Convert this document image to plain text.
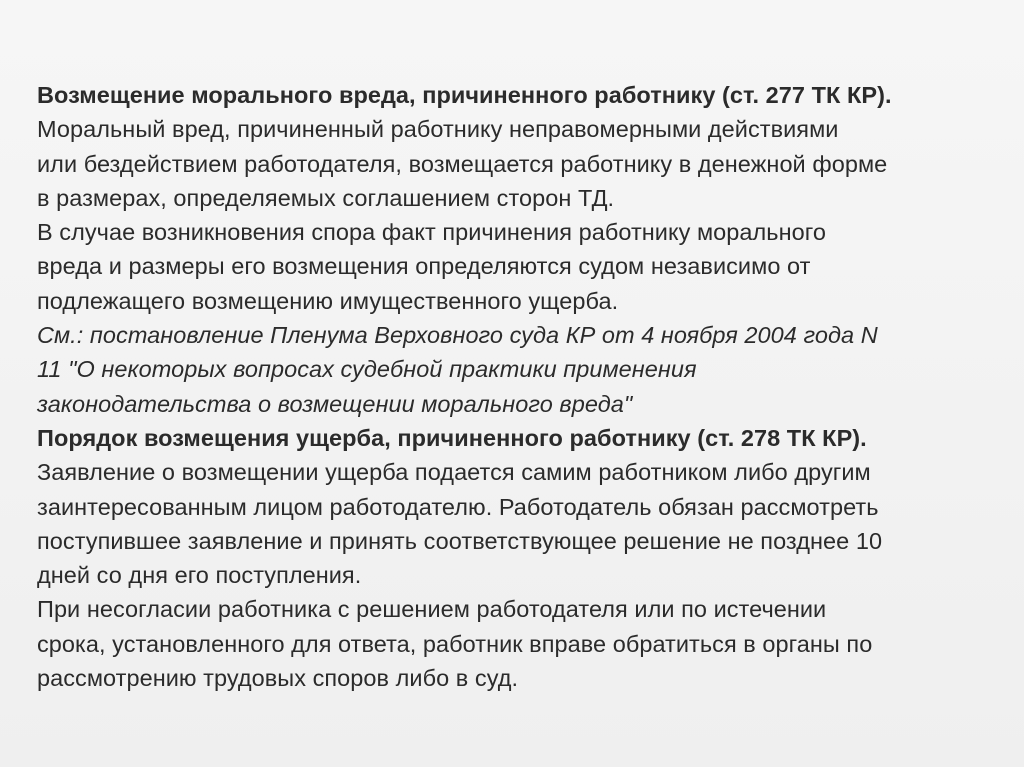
Возмещение морального вреда, причиненного работнику (ст. 277 ТК КР).
Моральный вред, причиненный работнику неправомерными действиями
или бездействием работодателя, возмещается работнику в денежной форме
в размерах, определяемых соглашением сторон ТД.
В случае возникновения спора факт причинения работнику морального
вреда и размеры его возмещения определяются судом независимо от
подлежащего возмещению имущественного ущерба.
См.: постановление Пленума Верховного суда КР от 4 ноября 2004 года N
11 "О некоторых вопросах судебной практики применения
законодательства о возмещении морального вреда"
Порядок возмещения ущерба, причиненного работнику (ст. 278 ТК КР).
Заявление о возмещении ущерба подается самим работником либо другим
заинтересованным лицом работодателю. Работодатель обязан рассмотреть
поступившее заявление и принять соответствующее решение не позднее 10
дней со дня его поступления.
При несогласии работника с решением работодателя или по истечении
срока, установленного для ответа, работник вправе обратиться в органы по
рассмотрению трудовых споров либо в суд.
